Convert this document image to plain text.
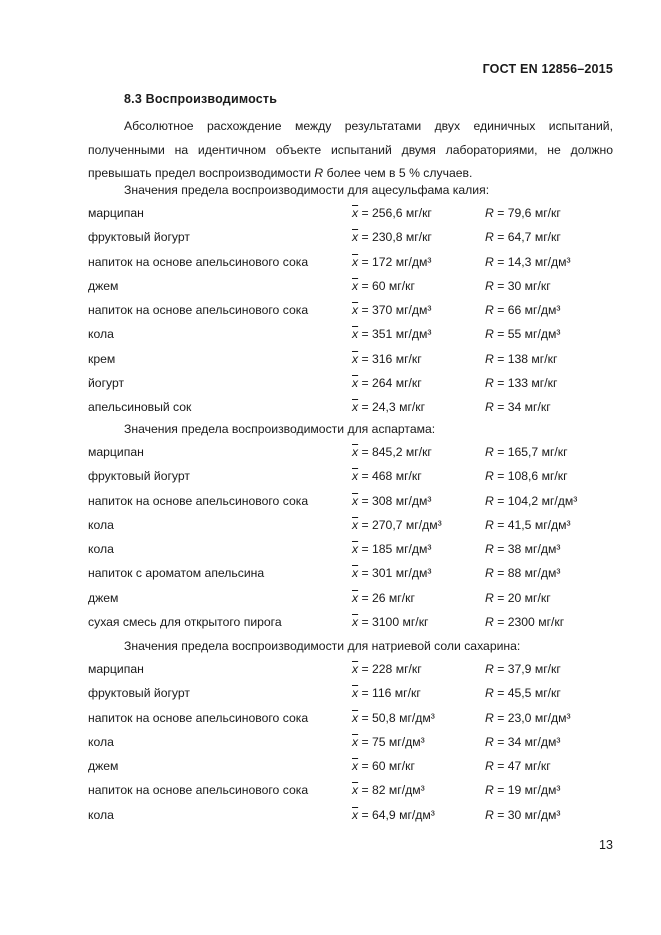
ГОСТ EN 12856–2015
8.3 Воспроизводимость
Абсолютное расхождение между результатами двух единичных испытаний,
полученными на идентичном объекте испытаний двумя лабораториями, не должно
превышать предел воспроизводимости R более чем в 5 % случаев.
Значения предела воспроизводимости для ацесульфама калия:
марципан	$\overline{x} = 256,6$ мг/кг	R = 79,6 мг/кг
фруктовый йогурт	$\overline{x} = 230,8$ мг/кг	R = 64,7 мг/кг
напиток на основе апельсинового сока	$\overline{x} = 172$ мг/дм³	R = 14,3 мг/дм³
джем	$\overline{x} = 60$ мг/кг	R = 30 мг/кг
напиток на основе апельсинового сока	$\overline{x} = 370$ мг/дм³	R = 66 мг/дм³
кола	$\overline{x} = 351$ мг/дм³	R = 55 мг/дм³
крем	$\overline{x} = 316$ мг/кг	R = 138 мг/кг
йогурт	$\overline{x} = 264$ мг/кг	R = 133 мг/кг
апельсиновый сок	$\overline{x} = 24,3$ мг/кг	R = 34 мг/кг
Значения предела воспроизводимости для аспартама:
марципан	$\overline{x} = 845,2$ мг/кг	R = 165,7 мг/кг
фруктовый йогурт	$\overline{x} = 468$ мг/кг	R = 108,6 мг/кг
напиток на основе апельсинового сока	$\overline{x} = 308$ мг/дм³	R = 104,2 мг/дм³
кола	$\overline{x} = 270,7$ мг/дм³	R = 41,5 мг/дм³
кола	$\overline{x} = 185$ мг/дм³	R = 38 мг/дм³
напиток с ароматом апельсина	$\overline{x} = 301$ мг/дм³	R = 88 мг/дм³
джем	$\overline{x} = 26$ мг/кг	R = 20 мг/кг
сухая смесь для открытого пирога	$\overline{x} = 3100$ мг/кг	R = 2300 мг/кг
Значения предела воспроизводимости для натриевой соли сахарина:
марципан	$\overline{x} = 228$ мг/кг	R = 37,9 мг/кг
фруктовый йогурт	$\overline{x} = 116$ мг/кг	R = 45,5 мг/кг
напиток на основе апельсинового сока	$\overline{x} = 50,8$ мг/дм³	R = 23,0 мг/дм³
кола	$\overline{x} = 75$ мг/дм³	R = 34 мг/дм³
джем	$\overline{x} = 60$ мг/кг	R = 47 мг/кг
напиток на основе апельсинового сока	$\overline{x} = 82$ мг/дм³	R = 19 мг/дм³
кола	$\overline{x} = 64,9$ мг/дм³	R = 30 мг/дм³
13
